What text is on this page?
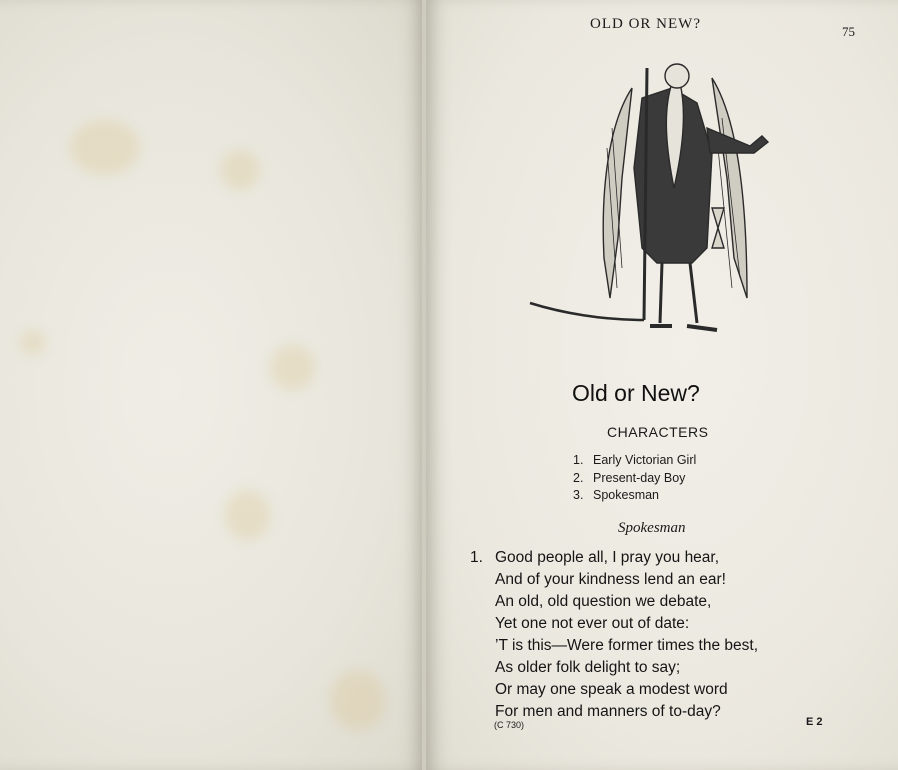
OLD OR NEW?	75
Old or New?
CHARACTERS
1. Early Victorian Girl
2. Present-day Boy
3. Spokesman
Spokesman
1. Good people all, I pray you hear,
And of your kindness lend an ear!
An old, old question we debate,
Yet one not ever out of date:
’T is this—Were former times the best,
As older folk delight to say;
Or may one speak a modest word
For men and manners of to-day?
(C 730)	E 2
